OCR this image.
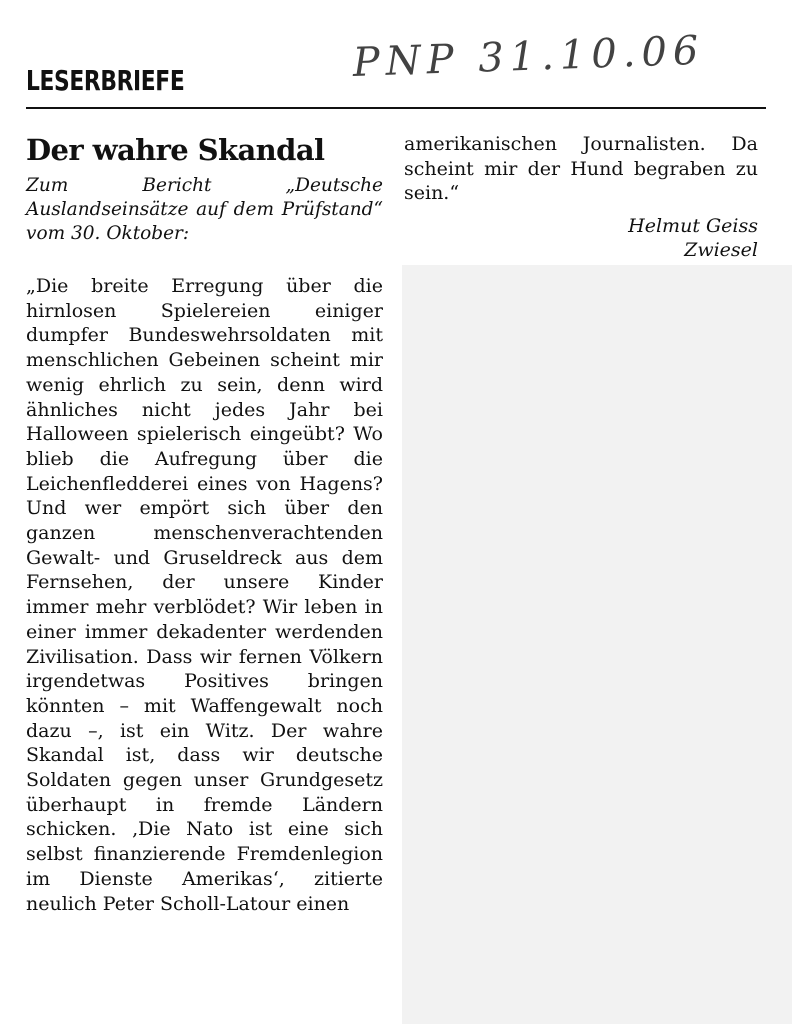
LESERBRIEFE	PNP 31.10.06
Der wahre Skandal

Zum Bericht „Deutsche Auslandseinsätze auf dem Prüfstand“ vom 30. Oktober:

„Die breite Erregung über die hirnlosen Spielereien einiger dumpfer Bundeswehrsoldaten mit menschlichen Gebeinen scheint mir wenig ehrlich zu sein, denn wird ähnliches nicht jedes Jahr bei Halloween spielerisch eingeübt? Wo blieb die Aufregung über die Leichenfledderei eines von Hagens? Und wer empört sich über den ganzen menschenverachtenden Gewalt- und Gruseldreck aus dem Fernsehen, der unsere Kinder immer mehr verblödet? Wir leben in einer immer dekadenter werdenden Zivilisation. Dass wir fernen Völkern irgendetwas Positives bringen könnten – mit Waffengewalt noch dazu –, ist ein Witz. Der wahre Skandal ist, dass wir deutsche Soldaten gegen unser Grundgesetz überhaupt in fremde Ländern schicken. ‚Die Nato ist eine sich selbst finanzierende Fremdenlegion im Dienste Amerikas‘, zitierte neulich Peter Scholl-Latour einen

amerikanischen Journalisten. Da scheint mir der Hund begraben zu sein.“

Helmut Geiss
Zwiesel
